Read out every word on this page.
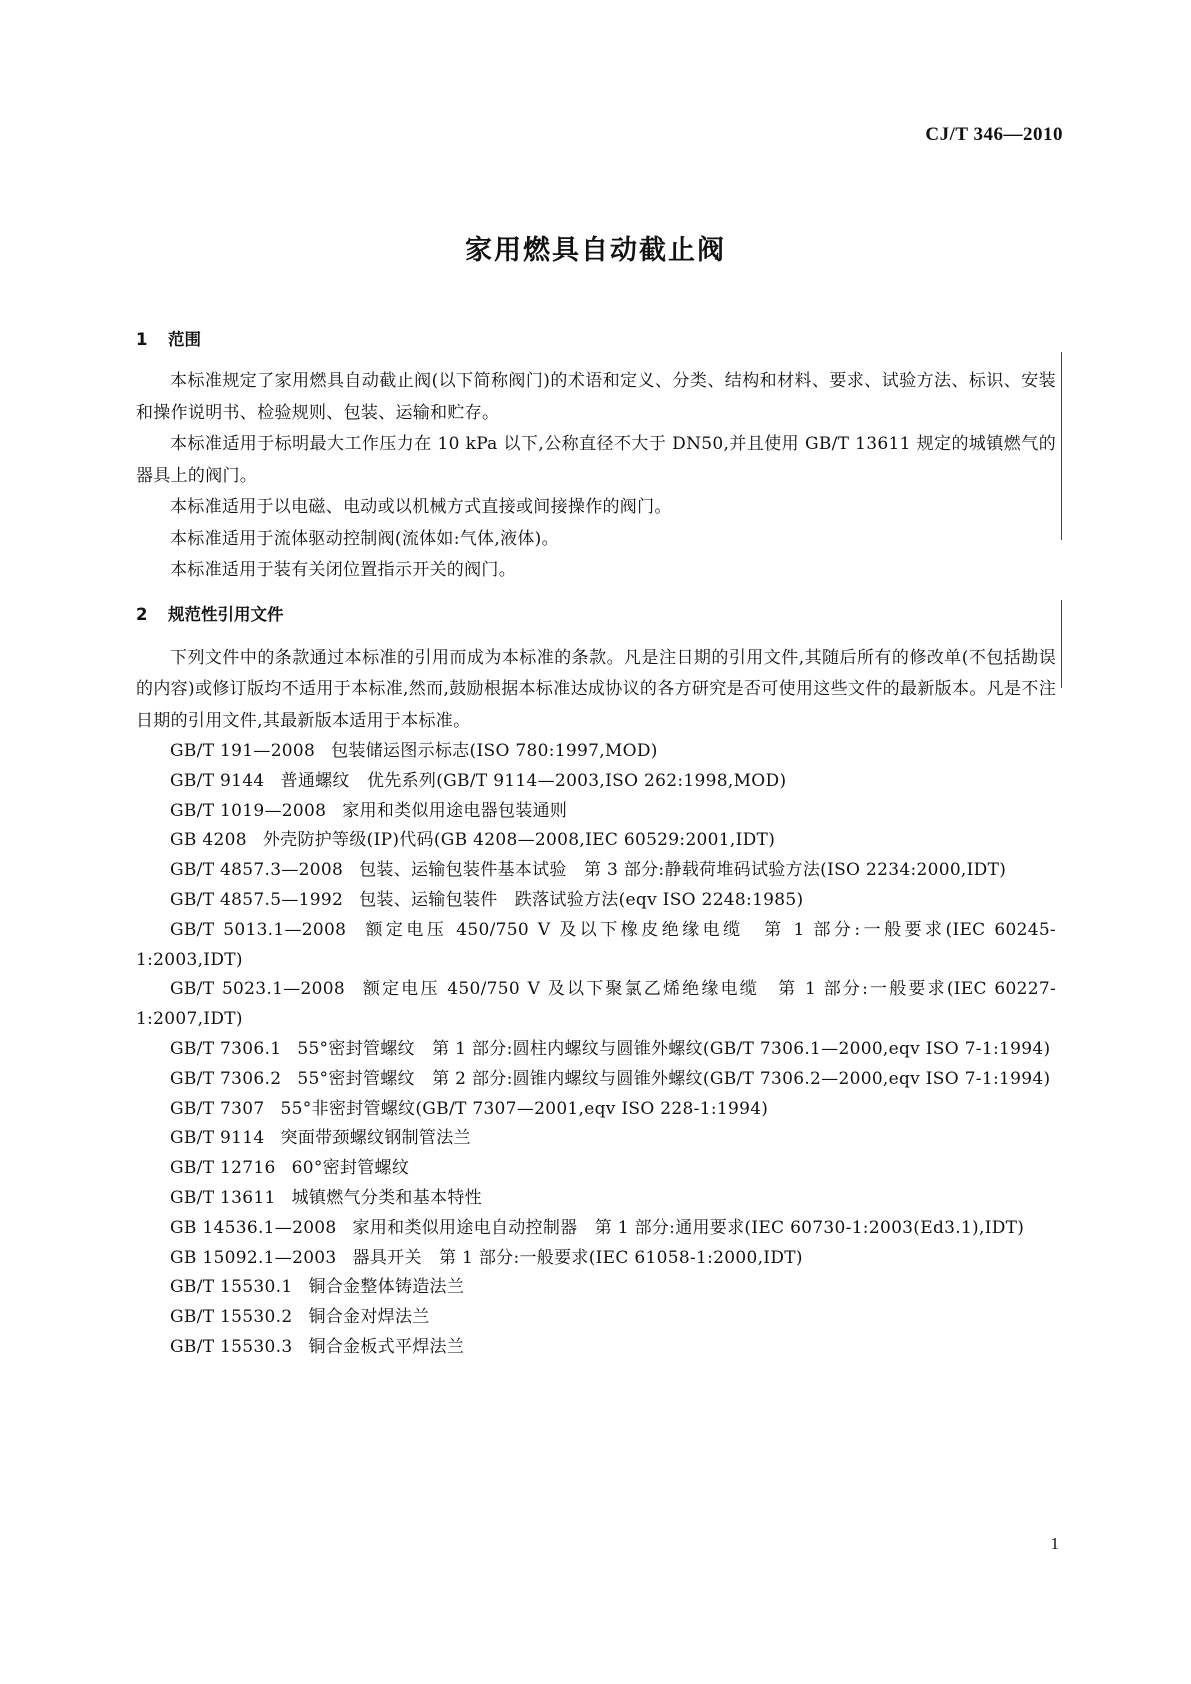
CJ/T 346—2010
家用燃具自动截止阀
1 范围

本标准规定了家用燃具自动截止阀(以下简称阀门)的术语和定义、分类、结构和材料、要求、试验方法、标识、安装和操作说明书、检验规则、包装、运输和贮存。

本标准适用于标明最大工作压力在 10 kPa 以下,公称直径不大于 DN50,并且使用 GB/T 13611 规定的城镇燃气的器具上的阀门。

本标准适用于以电磁、电动或以机械方式直接或间接操作的阀门。

本标准适用于流体驱动控制阀(流体如:气体,液体)。

本标准适用于装有关闭位置指示开关的阀门。

2 规范性引用文件

下列文件中的条款通过本标准的引用而成为本标准的条款。凡是注日期的引用文件,其随后所有的修改单(不包括勘误的内容)或修订版均不适用于本标准,然而,鼓励根据本标准达成协议的各方研究是否可使用这些文件的最新版本。凡是不注日期的引用文件,其最新版本适用于本标准。

GB/T 191—2008 包装储运图示标志(ISO 780:1997,MOD)
GB/T 9144 普通螺纹　优先系列(GB/T 9114—2003,ISO 262:1998,MOD)
GB/T 1019—2008 家用和类似用途电器包装通则
GB 4208 外壳防护等级(IP)代码(GB 4208—2008,IEC 60529:2001,IDT)
GB/T 4857.3—2008 包装、运输包装件基本试验　第 3 部分:静载荷堆码试验方法(ISO 2234:2000,IDT)
GB/T 4857.5—1992 包装、运输包装件　跌落试验方法(eqv ISO 2248:1985)
GB/T 5013.1—2008 额定电压 450/750 V 及以下橡皮绝缘电缆　第 1 部分:一般要求(IEC 60245-1:2003,IDT)
GB/T 5023.1—2008 额定电压 450/750 V 及以下聚氯乙烯绝缘电缆　第 1 部分:一般要求(IEC 60227-1:2007,IDT)
GB/T 7306.1 55°密封管螺纹　第 1 部分:圆柱内螺纹与圆锥外螺纹(GB/T 7306.1—2000,eqv ISO 7-1:1994)
GB/T 7306.2 55°密封管螺纹　第 2 部分:圆锥内螺纹与圆锥外螺纹(GB/T 7306.2—2000,eqv ISO 7-1:1994)
GB/T 7307 55°非密封管螺纹(GB/T 7307—2001,eqv ISO 228-1:1994)
GB/T 9114 突面带颈螺纹钢制管法兰
GB/T 12716 60°密封管螺纹
GB/T 13611 城镇燃气分类和基本特性
GB 14536.1—2008 家用和类似用途电自动控制器　第 1 部分:通用要求(IEC 60730-1:2003(Ed3.1),IDT)
GB 15092.1—2003 器具开关　第 1 部分:一般要求(IEC 61058-1:2000,IDT)
GB/T 15530.1 铜合金整体铸造法兰
GB/T 15530.2 铜合金对焊法兰
GB/T 15530.3 铜合金板式平焊法兰
1
